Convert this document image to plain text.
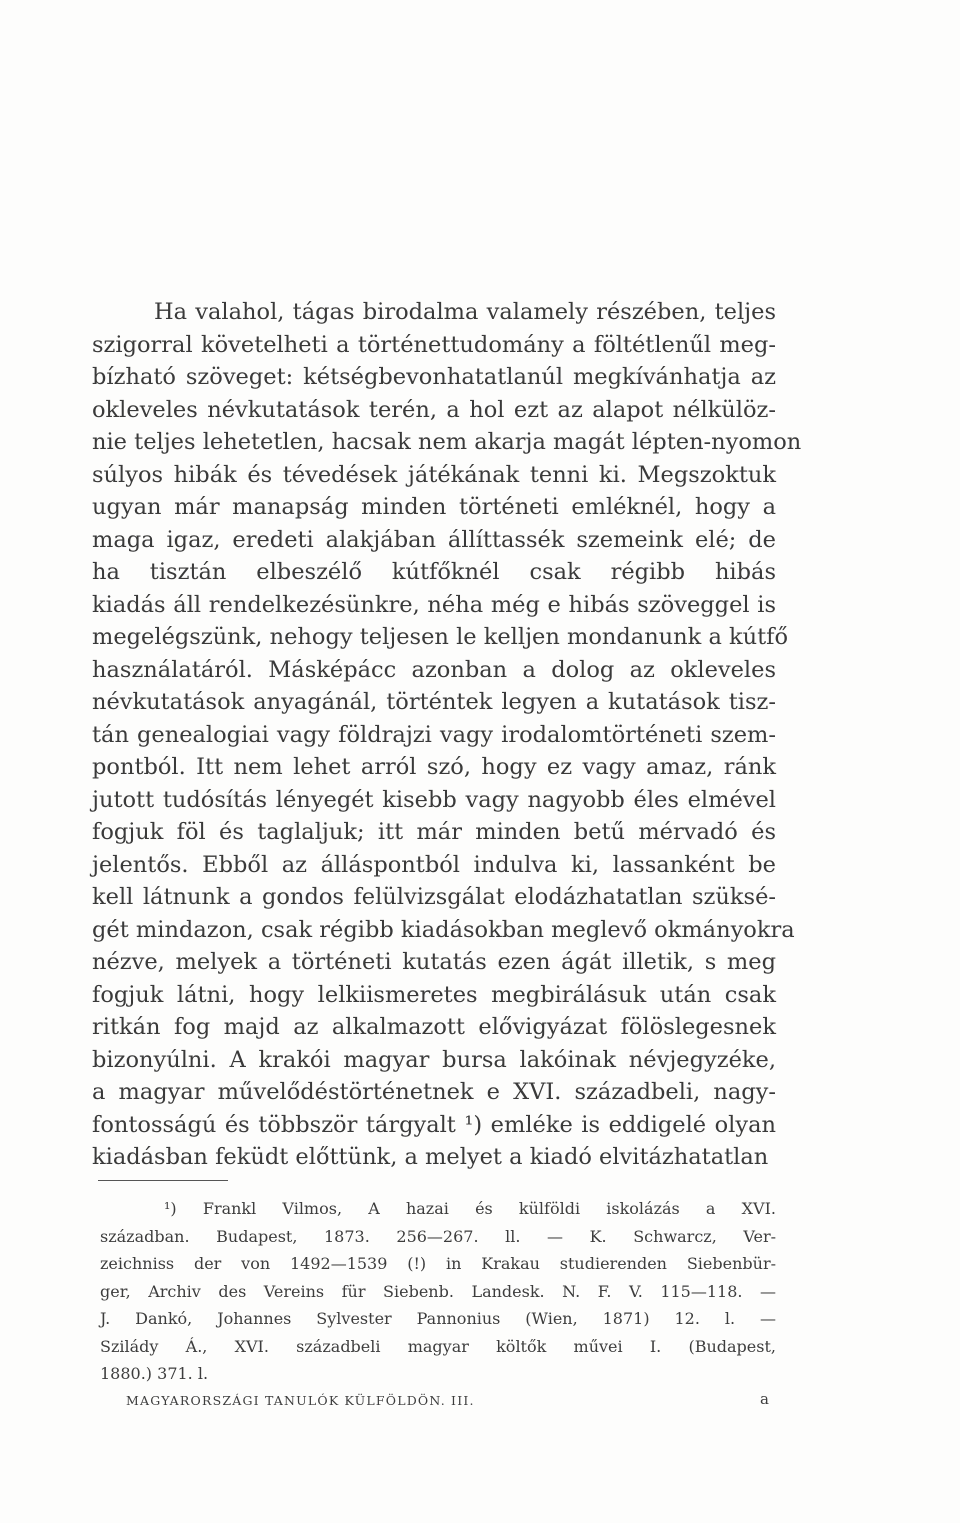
Ha valahol, tágas birodalma valamely részében, teljes
szigorral követelheti a történettudomány a föltétlenűl meg-
bízható szöveget: kétségbevonhatatlanúl megkívánhatja az
okleveles névkutatások terén, a hol ezt az alapot nélkülöz-
nie teljes lehetetlen, hacsak nem akarja magát lépten-nyomon
súlyos hibák és tévedések játékának tenni ki. Megszoktuk
ugyan már manapság minden történeti emléknél, hogy a
maga igaz, eredeti alakjában állíttassék szemeink elé; de
ha tisztán elbeszélő kútfőknél csak régibb hibás
kiadás áll rendelkezésünkre, néha még e hibás szöveggel is
megelégszünk, nehogy teljesen le kelljen mondanunk a kútfő
használatáról. Másképácc azonban a dolog az okleveles
névkutatások anyagánál, történtek legyen a kutatások tisz-
tán genealogiai vagy földrajzi vagy irodalomtörténeti szem-
pontból. Itt nem lehet arról szó, hogy ez vagy amaz, ránk
jutott tudósítás lényegét kisebb vagy nagyobb éles elmével
fogjuk föl és taglaljuk; itt már minden betű mérvadó és
jelentős. Ebből az álláspontból indulva ki, lassanként be
kell látnunk a gondos felülvizsgálat elodázhatatlan szüksé-
gét mindazon, csak régibb kiadásokban meglevő okmányokra
nézve, melyek a történeti kutatás ezen ágát illetik, s meg
fogjuk látni, hogy lelkiismeretes megbirálásuk után csak
ritkán fog majd az alkalmazott elővigyázat fölöslegesnek
bizonyúlni. A krakói magyar bursa lakóinak névjegyzéke,
a magyar művelődéstörténetnek e XVI. századbeli, nagy-
fontosságú és többször tárgyalt ¹) emléke is eddigelé olyan
kiadásban feküdt előttünk, a melyet a kiadó elvitázhatatlan
¹) Frankl Vilmos, A hazai és külföldi iskolázás a XVI.
században. Budapest, 1873. 256—267. ll. — K. Schwarcz, Ver-
zeichniss der von 1492—1539 (!) in Krakau studierenden Siebenbür-
ger, Archiv des Vereins für Siebenb. Landesk. N. F. V. 115—118. —
J. Dankó, Johannes Sylvester Pannonius (Wien, 1871) 12. l. —
Szilády Á., XVI. századbeli magyar költők művei I. (Budapest,
1880.) 371. l.
MAGYARORSZÁGI TANULÓK KÜLFÖLDÖN. III.	a
